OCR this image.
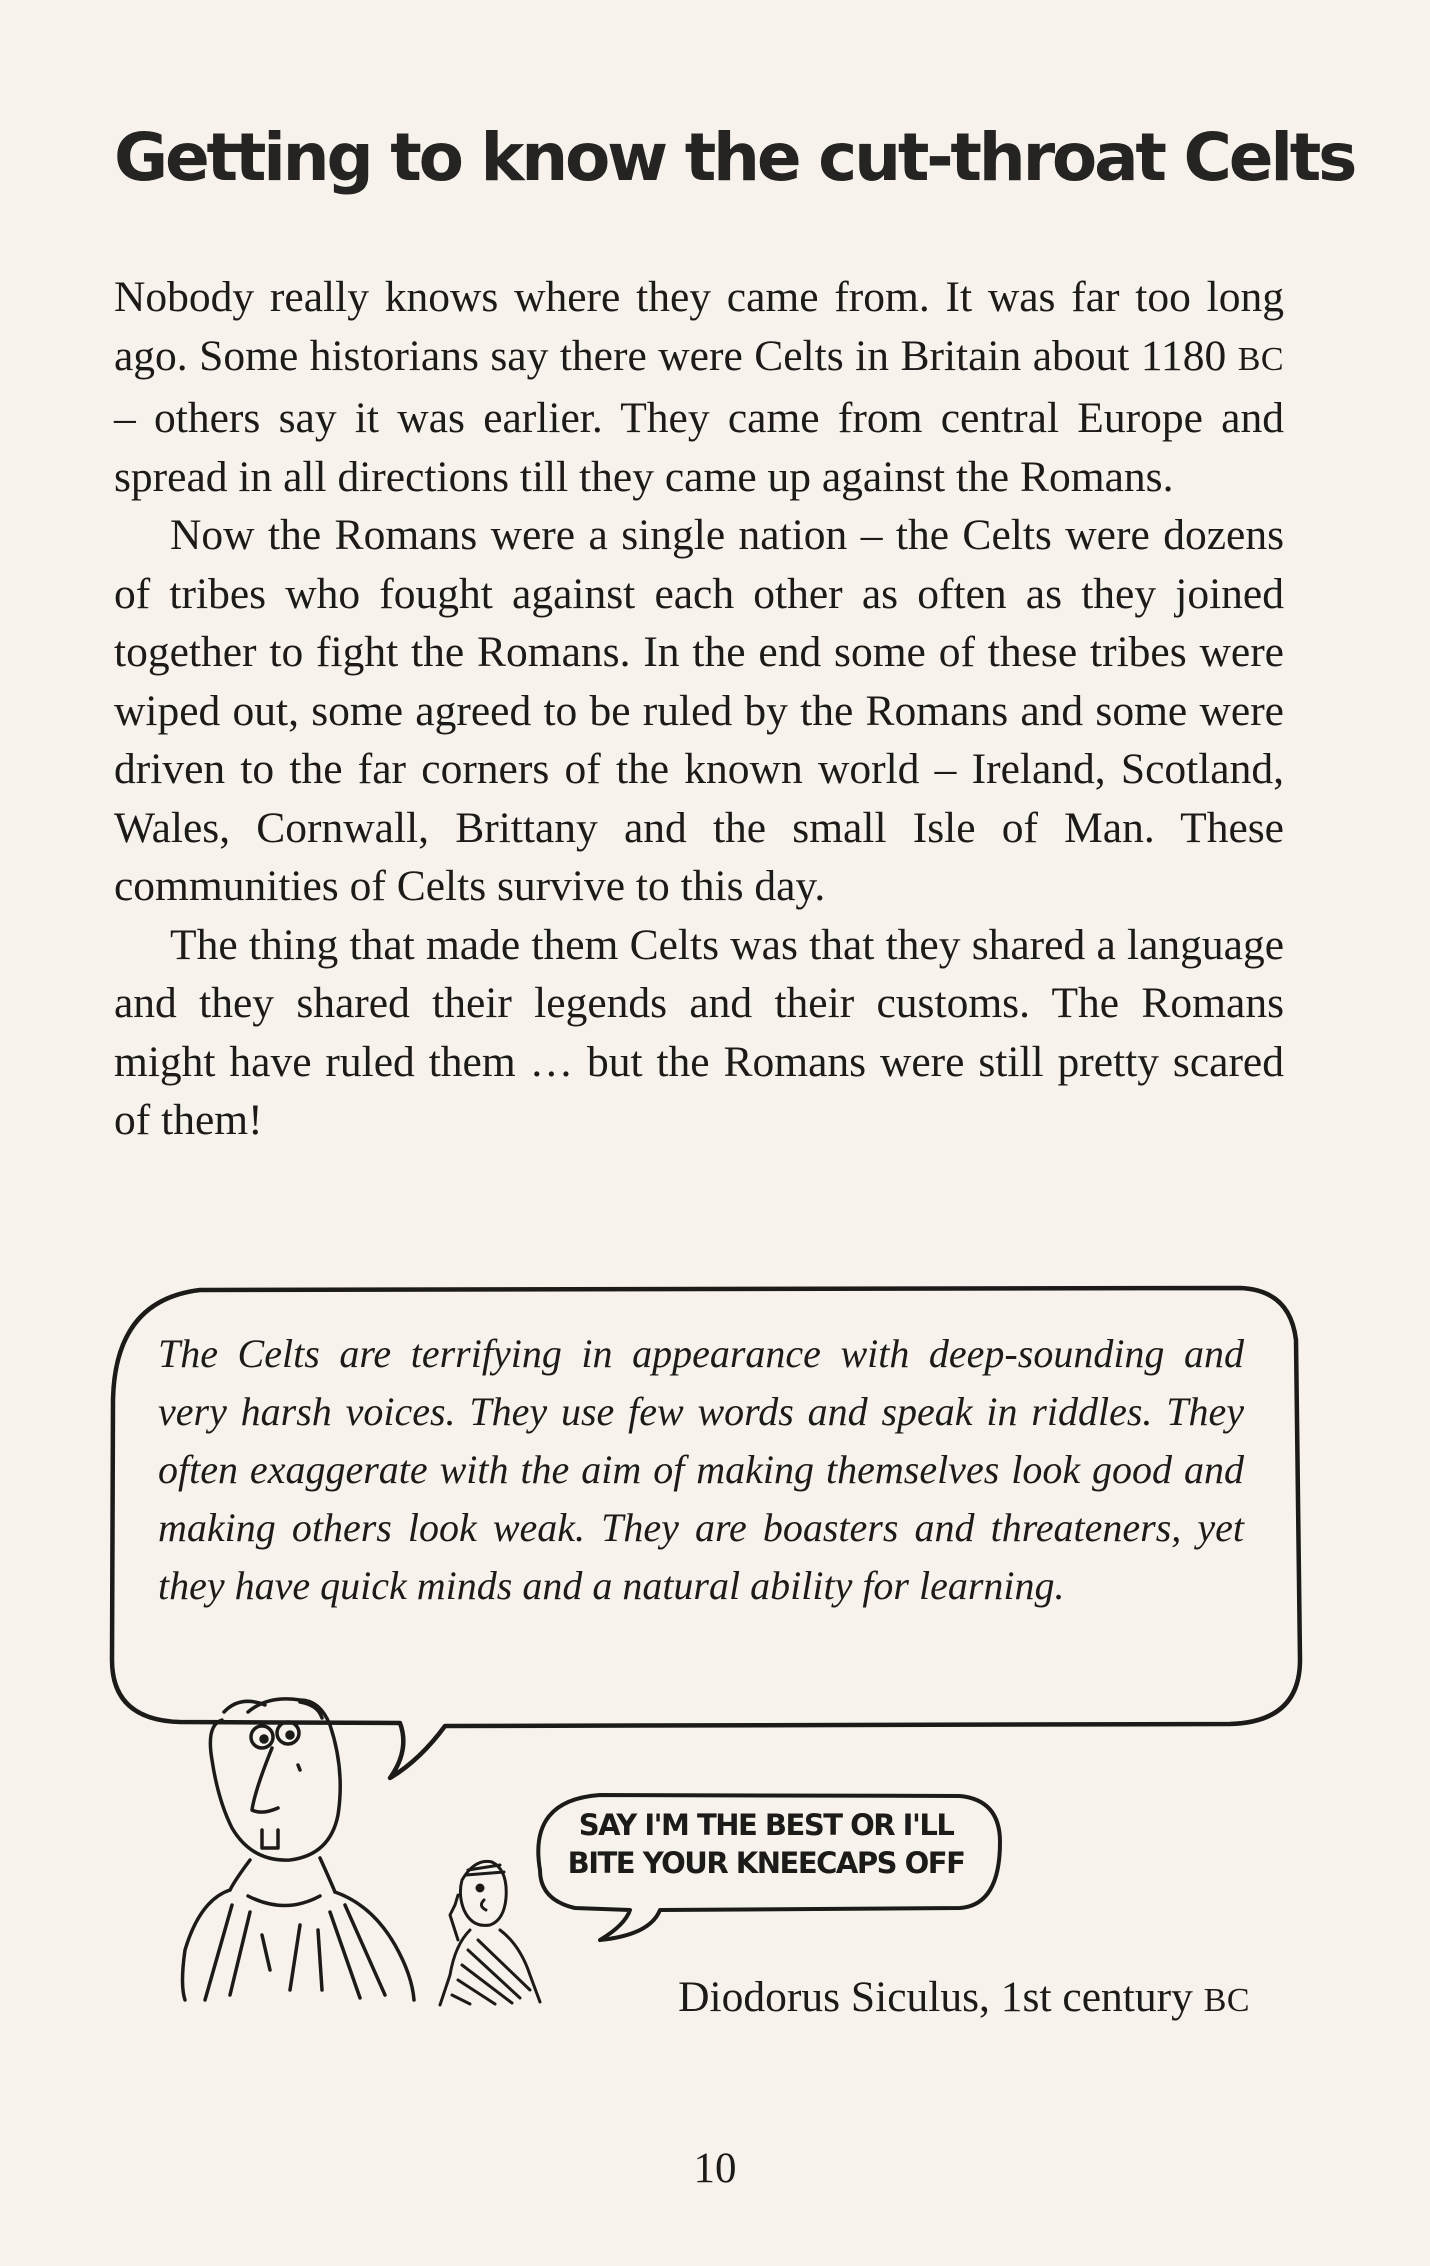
Getting to know the cut-throat Celts

Nobody really knows where they came from. It was far too long ago. Some historians say there were Celts in Britain about 1180 BC – others say it was earlier. They came from central Europe and spread in all directions till they came up against the Romans.

Now the Romans were a single nation – the Celts were dozens of tribes who fought against each other as often as they joined together to fight the Romans. In the end some of these tribes were wiped out, some agreed to be ruled by the Romans and some were driven to the far corners of the known world – Ireland, Scotland, Wales, Cornwall, Brittany and the small Isle of Man. These communities of Celts survive to this day.

The thing that made them Celts was that they shared a language and they shared their legends and their customs. The Romans might have ruled them … but the Romans were still pretty scared of them!

The Celts are terrifying in appearance with deep-sounding and very harsh voices. They use few words and speak in riddles. They often exaggerate with the aim of making themselves look good and making others look weak. They are boasters and threateners, yet they have quick minds and a natural ability for learning.

SAY I'M THE BEST OR I'LL
BITE YOUR KNEECAPS OFF
Diodorus Siculus, 1st century BC
10
